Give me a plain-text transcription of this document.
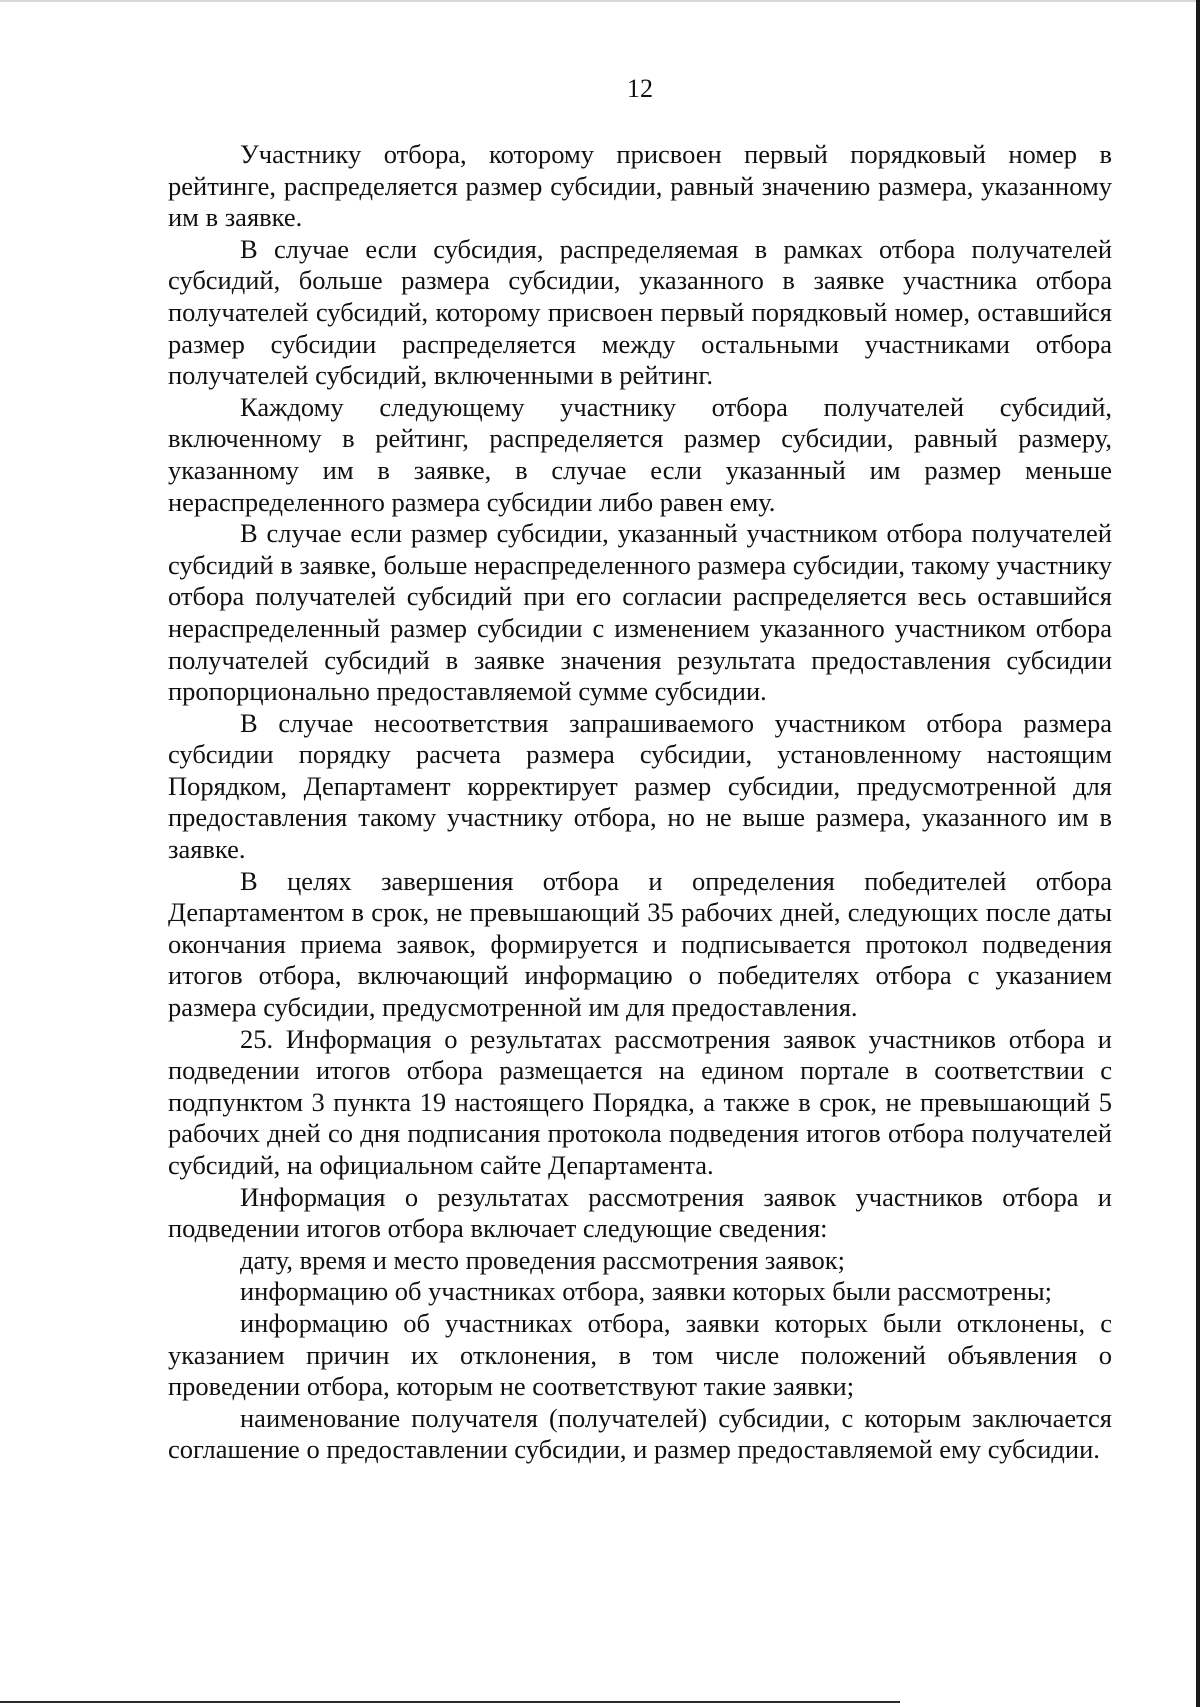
12

Участнику отбора, которому присвоен первый порядковый номер в рейтинге, распределяется размер субсидии, равный значению размера, указанному им в заявке.

В случае если субсидия, распределяемая в рамках отбора получателей субсидий, больше размера субсидии, указанного в заявке участника отбора получателей субсидий, которому присвоен первый порядковый номер, оставшийся размер субсидии распределяется между остальными участниками отбора получателей субсидий, включенными в рейтинг.

Каждому следующему участнику отбора получателей субсидий, включенному в рейтинг, распределяется размер субсидии, равный размеру, указанному им в заявке, в случае если указанный им размер меньше нераспределенного размера субсидии либо равен ему.

В случае если размер субсидии, указанный участником отбора получателей субсидий в заявке, больше нераспределенного размера субсидии, такому участнику отбора получателей субсидий при его согласии распределяется весь оставшийся нераспределенный размер субсидии с изменением указанного участником отбора получателей субсидий в заявке значения результата предоставления субсидии пропорционально предоставляемой сумме субсидии.

В случае несоответствия запрашиваемого участником отбора размера субсидии порядку расчета размера субсидии, установленному настоящим Порядком, Департамент корректирует размер субсидии, предусмотренной для предоставления такому участнику отбора, но не выше размера, указанного им в заявке.

В целях завершения отбора и определения победителей отбора Департаментом в срок, не превышающий 35 рабочих дней, следующих после даты окончания приема заявок, формируется и подписывается протокол подведения итогов отбора, включающий информацию о победителях отбора с указанием размера субсидии, предусмотренной им для предоставления.

25. Информация о результатах рассмотрения заявок участников отбора и подведении итогов отбора размещается на едином портале в соответствии с подпунктом 3 пункта 19 настоящего Порядка, а также в срок, не превышающий 5 рабочих дней со дня подписания протокола подведения итогов отбора получателей субсидий, на официальном сайте Департамента.

Информация о результатах рассмотрения заявок участников отбора и подведении итогов отбора включает следующие сведения:

дату, время и место проведения рассмотрения заявок;

информацию об участниках отбора, заявки которых были рассмотрены;

информацию об участниках отбора, заявки которых были отклонены, с указанием причин их отклонения, в том числе положений объявления о проведении отбора, которым не соответствуют такие заявки;

наименование получателя (получателей) субсидии, с которым заключается соглашение о предоставлении субсидии, и размер предоставляемой ему субсидии.
